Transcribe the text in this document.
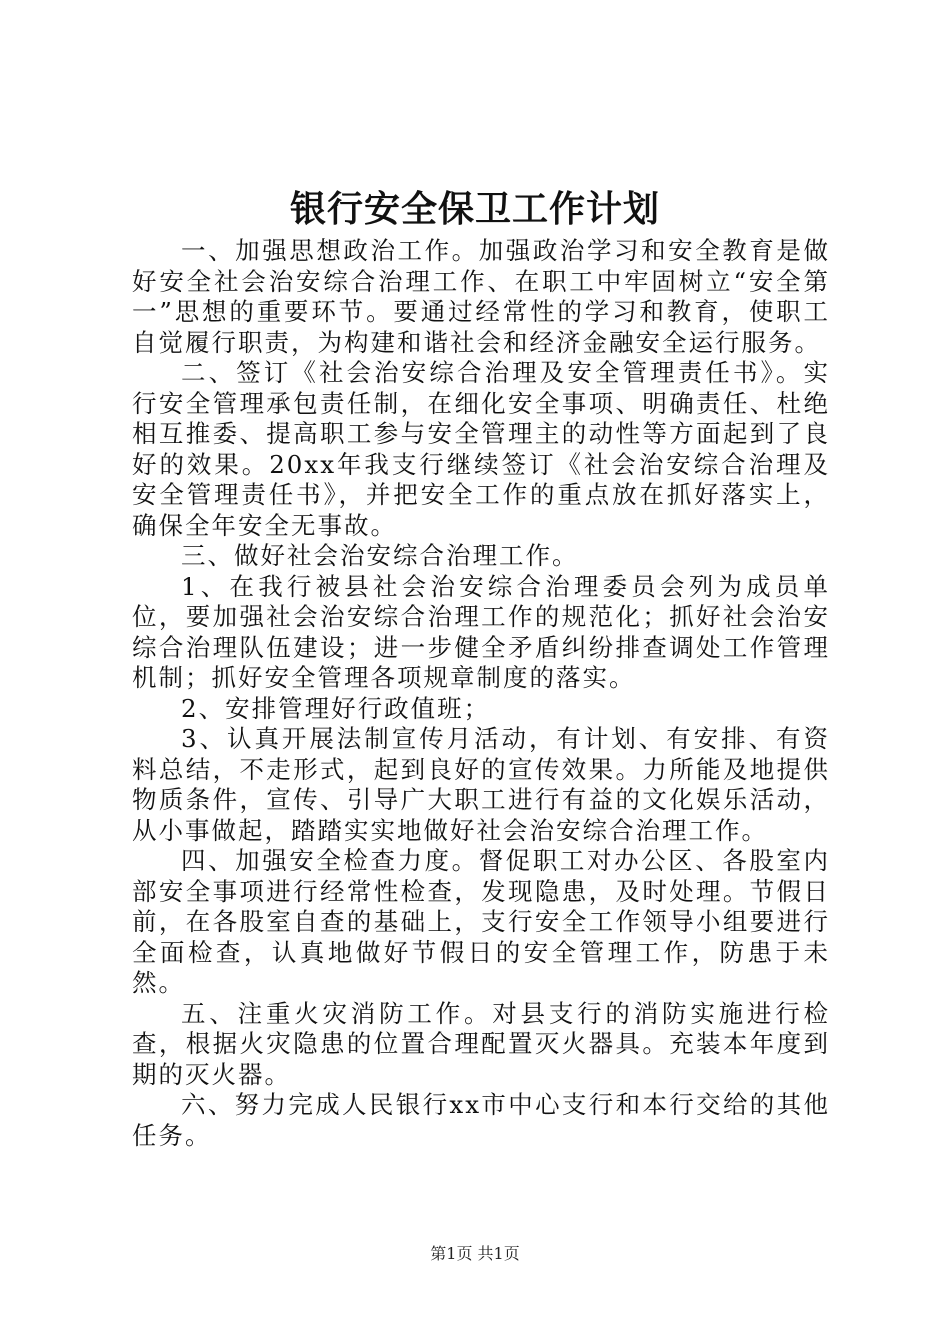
银行安全保卫工作计划

一、加强思想政治工作。加强政治学习和安全教育是做好安全社会治安综合治理工作、在职工中牢固树立“安全第一”思想的重要环节。要通过经常性的学习和教育，使职工自觉履行职责，为构建和谐社会和经济金融安全运行服务。

二、签订《社会治安综合治理及安全管理责任书》。实行安全管理承包责任制，在细化安全事项、明确责任、杜绝相互推委、提高职工参与安全管理主的动性等方面起到了良好的效果。20xx年我支行继续签订《社会治安综合治理及安全管理责任书》，并把安全工作的重点放在抓好落实上，确保全年安全无事故。

三、做好社会治安综合治理工作。

1、在我行被县社会治安综合治理委员会列为成员单位，要加强社会治安综合治理工作的规范化；抓好社会治安综合治理队伍建设；进一步健全矛盾纠纷排查调处工作管理机制；抓好安全管理各项规章制度的落实。

2、安排管理好行政值班；

3、认真开展法制宣传月活动，有计划、有安排、有资料总结，不走形式，起到良好的宣传效果。力所能及地提供物质条件，宣传、引导广大职工进行有益的文化娱乐活动，从小事做起，踏踏实实地做好社会治安综合治理工作。

四、加强安全检查力度。督促职工对办公区、各股室内部安全事项进行经常性检查，发现隐患，及时处理。节假日前，在各股室自查的基础上，支行安全工作领导小组要进行全面检查，认真地做好节假日的安全管理工作，防患于未然。

五、注重火灾消防工作。对县支行的消防实施进行检查，根据火灾隐患的位置合理配置灭火器具。充装本年度到期的灭火器。

六、努力完成人民银行xx市中心支行和本行交给的其他任务。

第1页 共1页
